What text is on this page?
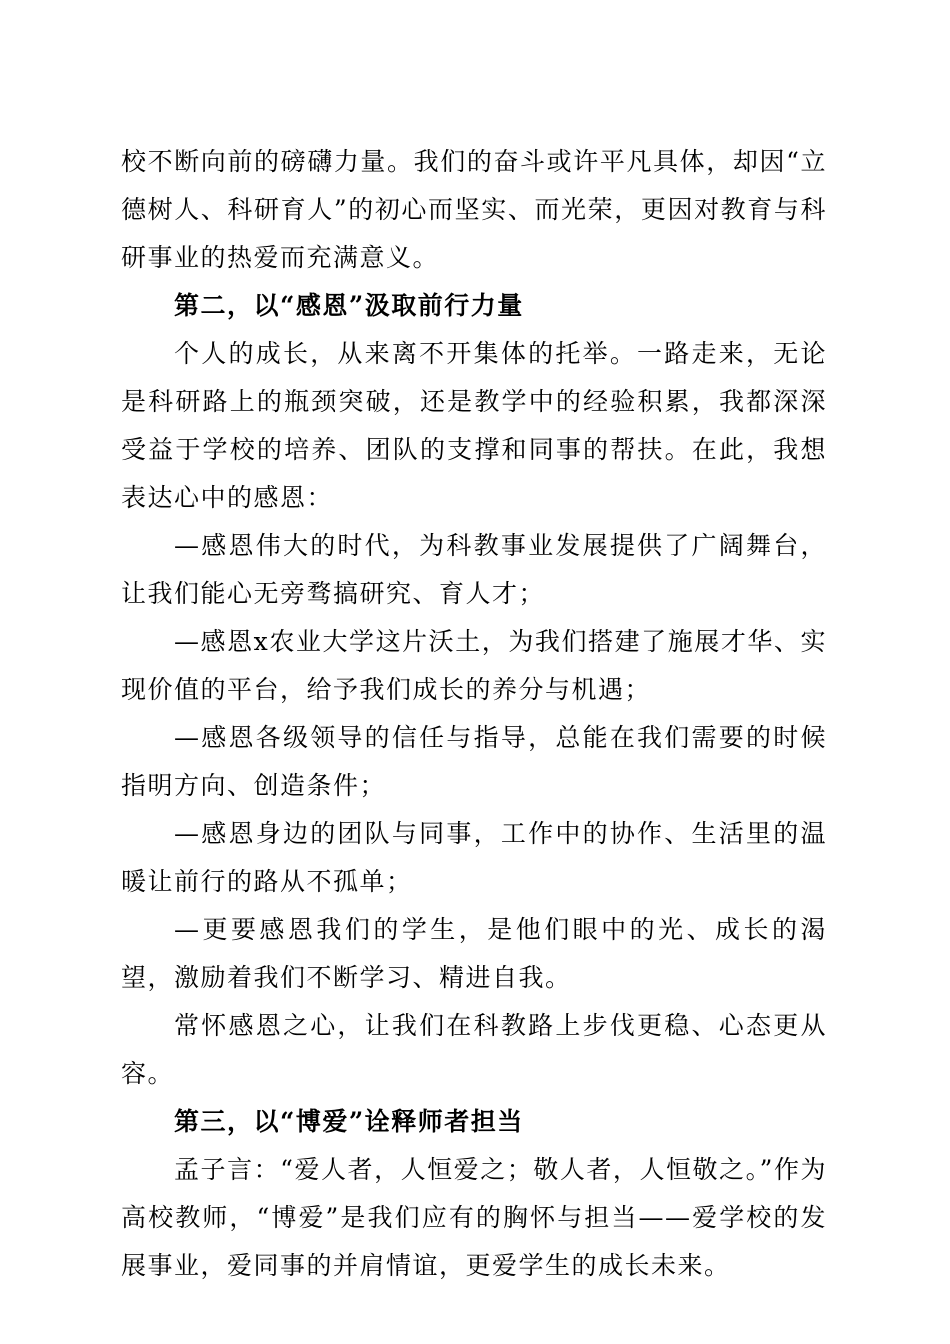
校不断向前的磅礴力量。我们的奋斗或许平凡具体，却因“立德树人、科研育人”的初心而坚实、而光荣，更因对教育与科研事业的热爱而充满意义。

第二，以“感恩”汲取前行力量

个人的成长，从来离不开集体的托举。一路走来，无论是科研路上的瓶颈突破，还是教学中的经验积累，我都深深受益于学校的培养、团队的支撑和同事的帮扶。在此，我想表达心中的感恩：

—感恩伟大的时代，为科教事业发展提供了广阔舞台，让我们能心无旁骛搞研究、育人才；

—感恩x农业大学这片沃土，为我们搭建了施展才华、实现价值的平台，给予我们成长的养分与机遇；

—感恩各级领导的信任与指导，总能在我们需要的时候指明方向、创造条件；

—感恩身边的团队与同事，工作中的协作、生活里的温暖让前行的路从不孤单；

—更要感恩我们的学生，是他们眼中的光、成长的渴望，激励着我们不断学习、精进自我。

常怀感恩之心，让我们在科教路上步伐更稳、心态更从容。

第三，以“博爱”诠释师者担当

孟子言：“爱人者，人恒爱之；敬人者，人恒敬之。”作为高校教师，“博爱”是我们应有的胸怀与担当——爱学校的发展事业，爱同事的并肩情谊，更爱学生的成长未来。
